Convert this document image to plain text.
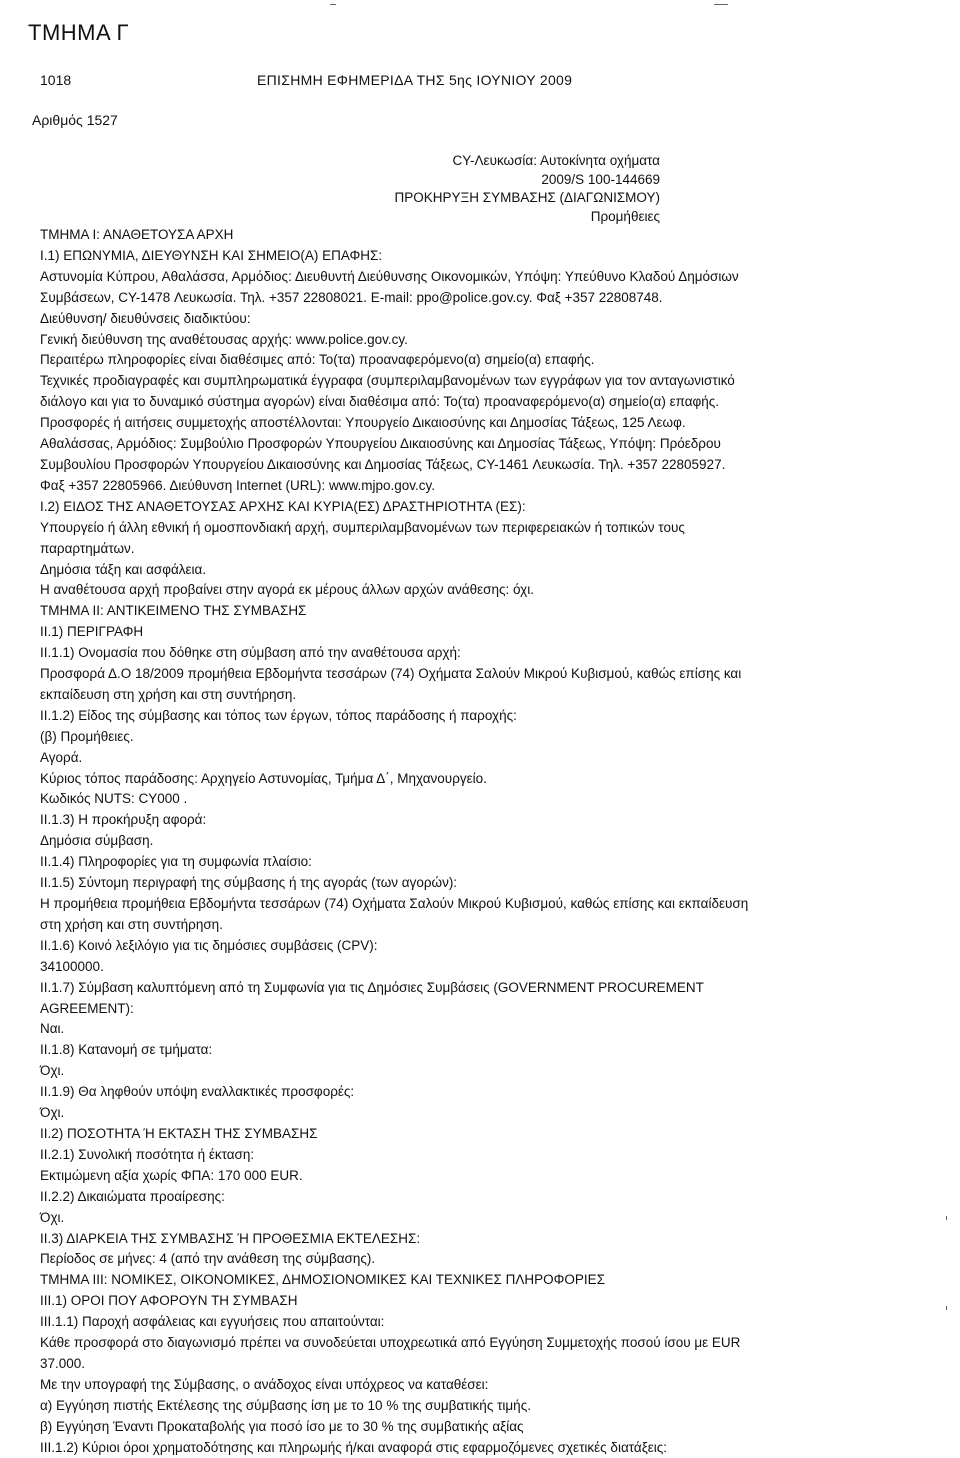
ΤΜΗΜΑ Γ
1018	ΕΠΙΣΗΜΗ ΕΦΗΜΕΡΙΔΑ ΤΗΣ 5ης ΙΟΥΝΙΟΥ 2009
Αριθμός 1527
CY-Λευκωσία: Αυτοκίνητα οχήματα
2009/S 100-144669
ΠΡΟΚΗΡΥΞΗ ΣΥΜΒΑΣΗΣ (ΔΙΑΓΩΝΙΣΜΟΥ)
Προμήθειες
ΤΜΗΜΑ Ι: ΑΝΑΘΕΤΟΥΣΑ ΑΡΧΗ
Ι.1) ΕΠΩΝΥΜΙΑ, ΔΙΕΥΘΥΝΣΗ ΚΑΙ ΣΗΜΕΙΟ(Α) ΕΠΑΦΗΣ:
Αστυνομία Κύπρου, Αθαλάσσα, Αρμόδιος: Διευθυντή Διεύθυνσης Οικονομικών, Υπόψη: Υπεύθυνο Κλαδού Δημόσιων
Συμβάσεων, CY-1478 Λευκωσία. Τηλ. +357 22808021. E-mail: ppo@police.gov.cy. Φαξ +357 22808748.
Διεύθυνση/ διευθύνσεις διαδικτύου:
Γενική διεύθυνση της αναθέτουσας αρχής: www.police.gov.cy.
Περαιτέρω πληροφορίες είναι διαθέσιμες από: Το(τα) προαναφερόμενο(α) σημείο(α) επαφής.
Τεχνικές προδιαγραφές και συμπληρωματικά έγγραφα (συμπεριλαμβανομένων των εγγράφων για τον ανταγωνιστικό
διάλογο και για το δυναμικό σύστημα αγορών) είναι διαθέσιμα από: Το(τα) προαναφερόμενο(α) σημείο(α) επαφής.
Προσφορές ή αιτήσεις συμμετοχής αποστέλλονται: Υπουργείο Δικαιοσύνης και Δημοσίας Τάξεως, 125 Λεωφ.
Αθαλάσσας, Αρμόδιος: Συμβούλιο Προσφορών Υπουργείου Δικαιοσύνης και Δημοσίας Τάξεως, Υπόψη: Πρόεδρου
Συμβουλίου Προσφορών Υπουργείου Δικαιοσύνης και Δημοσίας Τάξεως, CY-1461 Λευκωσία. Τηλ. +357 22805927.
Φαξ +357 22805966. Διεύθυνση Internet (URL): www.mjpo.gov.cy.
Ι.2) ΕΙΔΟΣ ΤΗΣ ΑΝΑΘΕΤΟΥΣΑΣ ΑΡΧΗΣ ΚΑΙ ΚΥΡΙΑ(ΕΣ) ΔΡΑΣΤΗΡΙΟΤΗΤΑ (ΕΣ):
Υπουργείο ή άλλη εθνική ή ομοσπονδιακή αρχή, συμπεριλαμβανομένων των περιφερειακών ή τοπικών τους
παραρτημάτων.
Δημόσια τάξη και ασφάλεια.
Η αναθέτουσα αρχή προβαίνει στην αγορά εκ μέρους άλλων αρχών ανάθεσης: όχι.
ΤΜΗΜΑ ΙΙ: ΑΝΤΙΚΕΙΜΕΝΟ ΤΗΣ ΣΥΜΒΑΣΗΣ
ΙΙ.1) ΠΕΡΙΓΡΑΦΗ
ΙΙ.1.1) Ονομασία που δόθηκε στη σύμβαση από την αναθέτουσα αρχή:
Προσφορά Δ.Ο 18/2009 προμήθεια Εβδομήντα τεσσάρων (74) Οχήματα Σαλούν Μικρού Κυβισμού, καθώς επίσης και
εκπαίδευση στη χρήση και στη συντήρηση.
ΙΙ.1.2) Είδος της σύμβασης και τόπος των έργων, τόπος παράδοσης ή παροχής:
(β) Προμήθειες.
Αγορά.
Κύριος τόπος παράδοσης: Αρχηγείο Αστυνομίας, Τμήμα Δ΄, Μηχανουργείο.
Κωδικός NUTS: CY000 .
ΙΙ.1.3) Η προκήρυξη αφορά:
Δημόσια σύμβαση.
ΙΙ.1.4) Πληροφορίες για τη συμφωνία πλαίσιο:
ΙΙ.1.5) Σύντομη περιγραφή της σύμβασης ή της αγοράς (των αγορών):
Η προμήθεια προμήθεια Εβδομήντα τεσσάρων (74) Οχήματα Σαλούν Μικρού Κυβισμού, καθώς επίσης και εκπαίδευση
στη χρήση και στη συντήρηση.
ΙΙ.1.6) Κοινό λεξιλόγιο για τις δημόσιες συμβάσεις (CPV):
34100000.
ΙΙ.1.7) Σύμβαση καλυπτόμενη από τη Συμφωνία για τις Δημόσιες Συμβάσεις (GOVERNMENT PROCUREMENT
AGREEMENT):
Ναι.
ΙΙ.1.8) Κατανομή σε τμήματα:
Όχι.
ΙΙ.1.9) Θα ληφθούν υπόψη εναλλακτικές προσφορές:
Όχι.
ΙΙ.2) ΠΟΣΟΤΗΤΑ Ή ΕΚΤΑΣΗ ΤΗΣ ΣΥΜΒΑΣΗΣ
ΙΙ.2.1) Συνολική ποσότητα ή έκταση:
Εκτιμώμενη αξία χωρίς ΦΠΑ: 170 000 EUR.
ΙΙ.2.2) Δικαιώματα προαίρεσης:
Όχι.
ΙΙ.3) ΔΙΑΡΚΕΙΑ ΤΗΣ ΣΥΜΒΑΣΗΣ Ή ΠΡΟΘΕΣΜΙΑ ΕΚΤΕΛΕΣΗΣ:
Περίοδος σε μήνες: 4 (από την ανάθεση της σύμβασης).
ΤΜΗΜΑ ΙΙΙ: ΝΟΜΙΚΕΣ, ΟΙΚΟΝΟΜΙΚΕΣ, ΔΗΜΟΣΙΟΝΟΜΙΚΕΣ ΚΑΙ ΤΕΧΝΙΚΕΣ ΠΛΗΡΟΦΟΡΙΕΣ
ΙΙΙ.1) ΟΡΟΙ ΠΟΥ ΑΦΟΡΟΥΝ ΤΗ ΣΥΜΒΑΣΗ
ΙΙΙ.1.1) Παροχή ασφάλειας και εγγυήσεις που απαιτούνται:
Κάθε προσφορά στο διαγωνισμό πρέπει να συνοδεύεται υποχρεωτικά από Εγγύηση Συμμετοχής ποσού ίσου με EUR
37.000.
Με την υπογραφή της Σύμβασης, ο ανάδοχος είναι υπόχρεος να καταθέσει:
α) Εγγύηση πιστής Εκτέλεσης της σύμβασης ίση με το 10 % της συμβατικής τιμής.
β) Εγγύηση Έναντι Προκαταβολής για ποσό ίσο με το 30 % της συμβατικής αξίας
ΙΙΙ.1.2) Κύριοι όροι χρηματοδότησης και πληρωμής ή/και αναφορά στις εφαρμοζόμενες σχετικές διατάξεις:
